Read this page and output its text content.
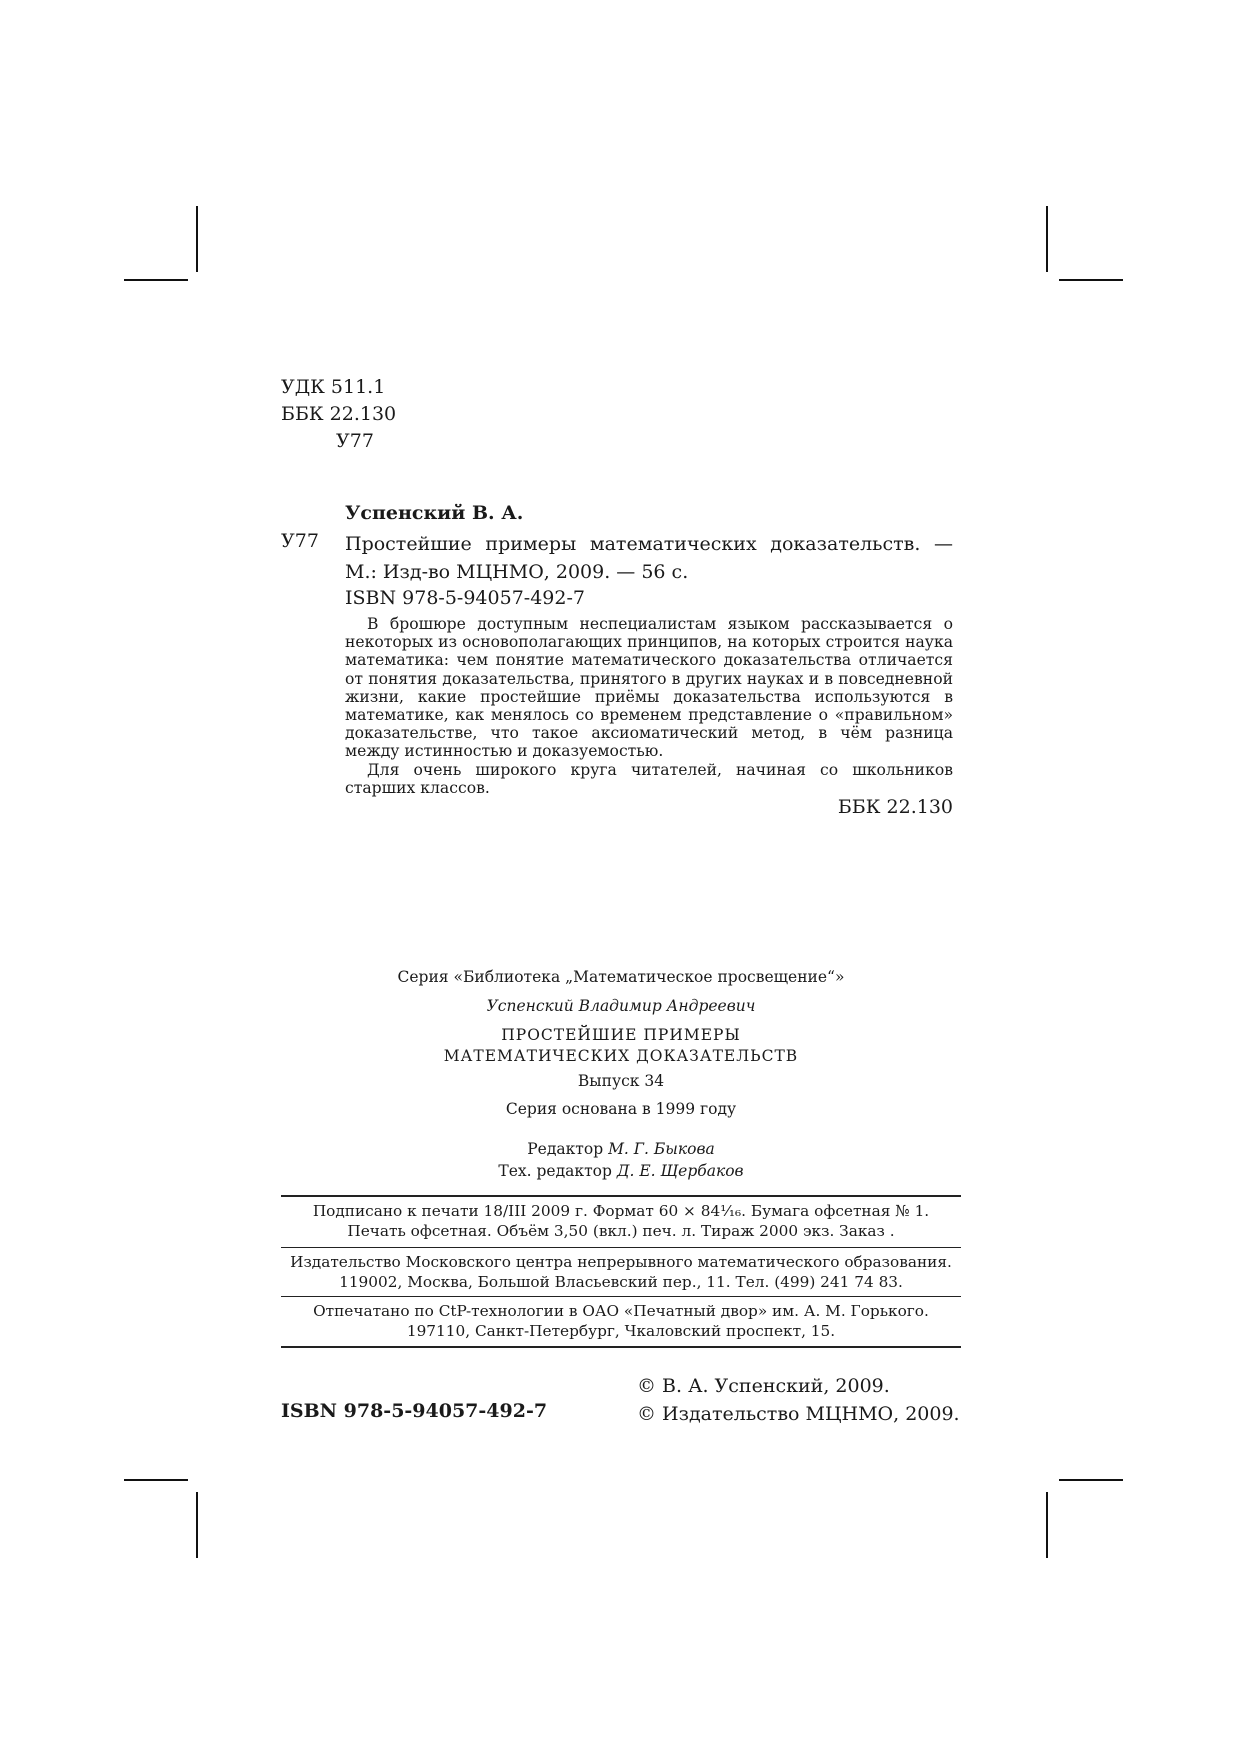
УДК 511.1
ББК 22.130
У77
Успенский В. А.
У77 Простейшие примеры математических доказательств. — М.: Изд-во МЦНМО, 2009. — 56 с.
ISBN 978-5-94057-492-7

В брошюре доступным неспециалистам языком рассказывается о некоторых из основополагающих принципов, на которых строится наука математика: чем понятие математического доказательства отличается от понятия доказательства, принятого в других науках и в повседневной жизни, какие простейшие приёмы доказательства используются в математике, как менялось со временем представление о «правильном» доказательстве, что такое аксиоматический метод, в чём разница между истинностью и доказуемостью.

Для очень широкого круга читателей, начиная со школьников старших классов.

ББК 22.130
Серия «Библиотека „Математическое просвещение“»
Успенский Владимир Андреевич
ПРОСТЕЙШИЕ ПРИМЕРЫ
МАТЕМАТИЧЕСКИХ ДОКАЗАТЕЛЬСТВ
Выпуск 34
Серия основана в 1999 году
Редактор М. Г. Быкова
Тех. редактор Д. Е. Щербаков
Подписано к печати 18/III 2009 г. Формат 60 × 84¹⁄₁₆. Бумага офсетная № 1.
Печать офсетная. Объём 3,50 (вкл.) печ. л. Тираж 2000 экз. Заказ .
Издательство Московского центра непрерывного математического образования.
119002, Москва, Большой Власьевский пер., 11. Тел. (499) 241 74 83.
Отпечатано по CtP-технологии в ОАО «Печатный двор» им. А. М. Горького.
197110, Санкт-Петербург, Чкаловский проспект, 15.
© В. А. Успенский, 2009.
© Издательство МЦНМО, 2009.
ISBN 978-5-94057-492-7
